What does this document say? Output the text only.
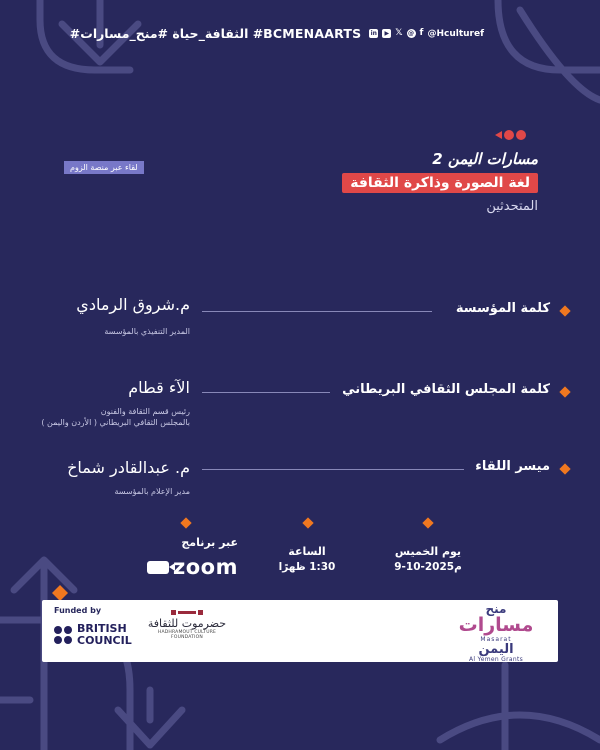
#الثقافة_حياة #منح_مسارات #BCMENAARTS in	▶ 𝕏 @ f @Hculturef
لقاء عبر منصة الزوم	مسارات اليمن 2
لغة الصورة وذاكرة الثقافة
المتحدثين
كلمة المؤسسة
م.شروق الرمادي
المدير التنفيذي بالمؤسسة
كلمة المجلس الثقافي البريطاني
الآء قطام
رئيس قسم الثقافة والفنون
بالمجلس الثقافي البريطاني ( الأردن واليمن )
ميسر اللقاء
م. عبدالقادر شماخ
مدير الإعلام بالمؤسسة
يوم الخميس
9-10-2025م
الساعة
1:30 ظهرًا
عبر برنامج
zoom
Funded by
BRITISH
COUNCIL
حضرموت للثقافة
HADHRAMOUT CULTURE FOUNDATION
منح
مسارات
Masarat
اليمن
Al Yemen Grants
